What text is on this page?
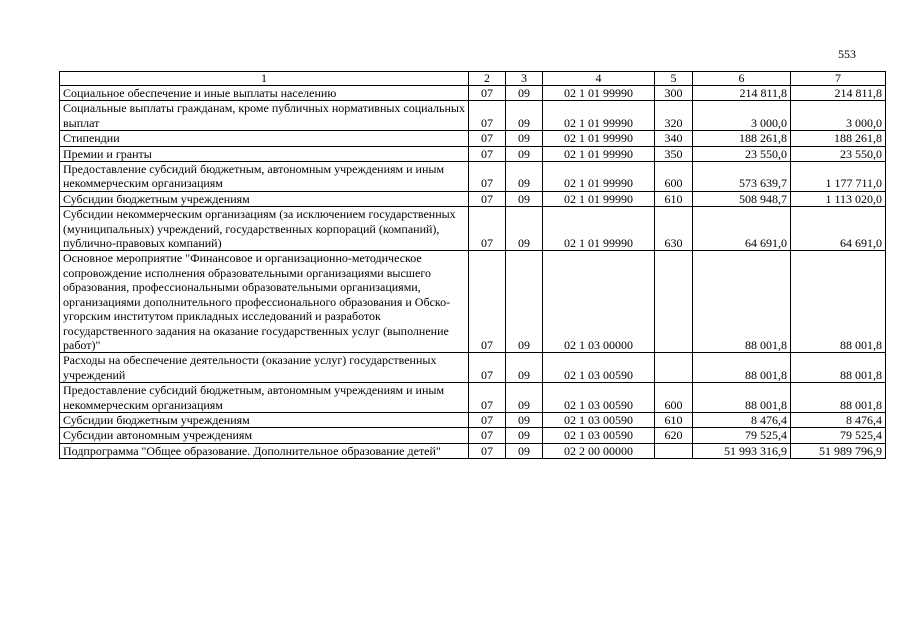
553
1	2	3	4	5	6	7
Социальное обеспечение и иные выплаты населению	07	09	02 1 01 99990	300	214 811,8	214 811,8
Социальные выплаты гражданам, кроме публичных нормативных социальных выплат	07	09	02 1 01 99990	320	3 000,0	3 000,0
Стипендии	07	09	02 1 01 99990	340	188 261,8	188 261,8
Премии и гранты	07	09	02 1 01 99990	350	23 550,0	23 550,0
Предоставление субсидий бюджетным, автономным учреждениям и иным некоммерческим организациям	07	09	02 1 01 99990	600	573 639,7	1 177 711,0
Субсидии бюджетным учреждениям	07	09	02 1 01 99990	610	508 948,7	1 113 020,0
Субсидии некоммерческим организациям (за исключением государственных (муниципальных) учреждений, государственных корпораций (компаний), публично-правовых компаний)	07	09	02 1 01 99990	630	64 691,0	64 691,0
Основное мероприятие "Финансовое и организационно-методическое сопровождение исполнения образовательными организациями высшего образования, профессиональными образовательными организациями, организациями дополнительного профессионального образования и Обско-угорским институтом прикладных исследований и разработок государственного задания на оказание государственных услуг (выполнение работ)"	07	09	02 1 03 00000		88 001,8	88 001,8
Расходы на обеспечение деятельности (оказание услуг) государственных учреждений	07	09	02 1 03 00590		88 001,8	88 001,8
Предоставление субсидий бюджетным, автономным учреждениям и иным некоммерческим организациям	07	09	02 1 03 00590	600	88 001,8	88 001,8
Субсидии бюджетным учреждениям	07	09	02 1 03 00590	610	8 476,4	8 476,4
Субсидии автономным учреждениям	07	09	02 1 03 00590	620	79 525,4	79 525,4
Подпрограмма "Общее образование. Дополнительное образование детей"	07	09	02 2 00 00000		51 993 316,9	51 989 796,9
